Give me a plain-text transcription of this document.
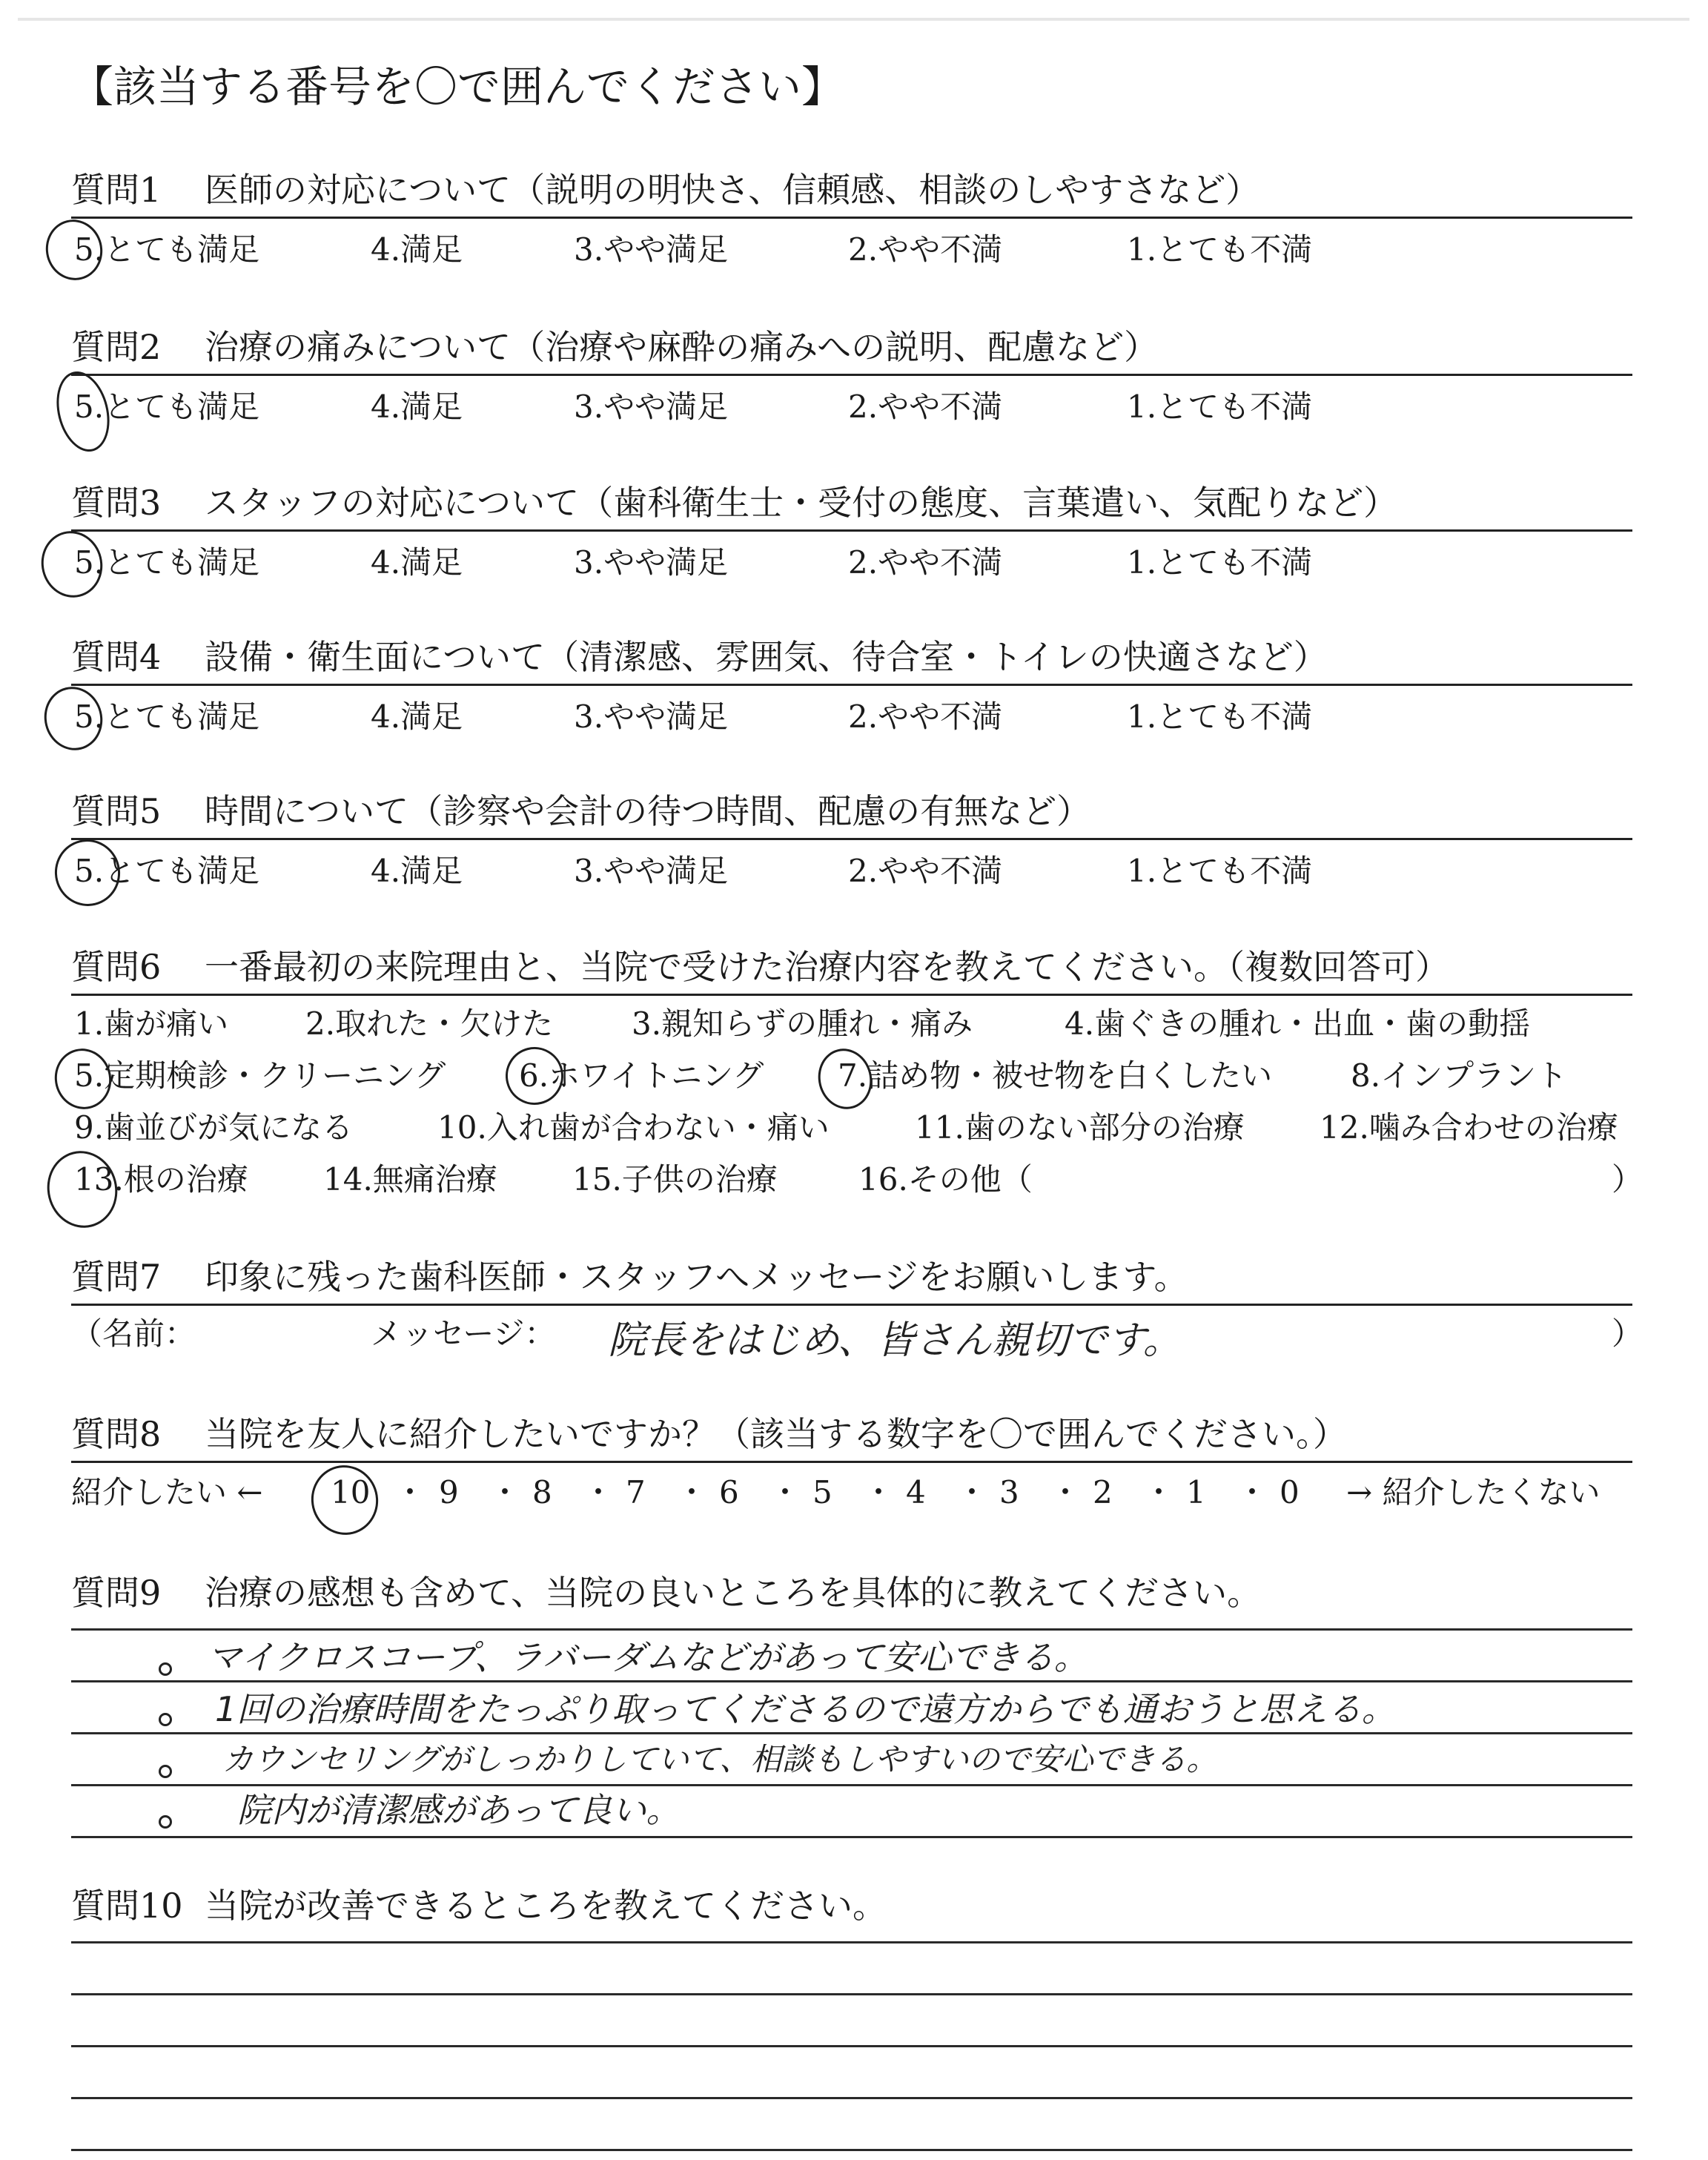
【該当する番号を〇で囲んでください】
質問1 医師の対応について（説明の明快さ、信頼感、相談のしやすさなど）
5.とても満足	4.満足	3.やや満足	2.やや不満	1.とても不満
質問2 治療の痛みについて（治療や麻酔の痛みへの説明、配慮など）
5.とても満足	4.満足	3.やや満足	2.やや不満	1.とても不満
質問3 スタッフの対応について（歯科衛生士・受付の態度、言葉遣い、気配りなど）
5.とても満足	4.満足	3.やや満足	2.やや不満	1.とても不満
質問4 設備・衛生面について（清潔感、雰囲気、待合室・トイレの快適さなど）
5.とても満足	4.満足	3.やや満足	2.やや不満	1.とても不満
質問5 時間について（診察や会計の待つ時間、配慮の有無など）
5.とても満足	4.満足	3.やや満足	2.やや不満	1.とても不満
質問6 一番最初の来院理由と、当院で受けた治療内容を教えてください。（複数回答可）
1.歯が痛い 2.取れた・欠けた	3.親知らずの腫れ・痛み	4.歯ぐきの腫れ・出血・歯の動揺
5.定期検診・クリーニング 6.ホワイトニング 7.詰め物・被せ物を白くしたい	8.インプラント
9.歯並びが気になる	10.入れ歯が合わない・痛い	11.歯のない部分の治療 12.噛み合わせの治療
13.根の治療 14.無痛治療 15.子供の治療	16.その他（	）
質問7 印象に残った歯科医師・スタッフへメッセージをお願いします。
（名前：	メッセージ：	）
院長をはじめ、皆さん親切です。
質問8 当院を友人に紹介したいですか？（該当する数字を〇で囲んでください。）
紹介したい ← 10 ・ 9 ・ 8 ・ 7 ・ 6 ・ 5 ・ 4 ・ 3 ・ 2 ・ 1 ・ 0 → 紹介したくない
質問9 治療の感想も含めて、当院の良いところを具体的に教えてください。
マイクロスコープ、ラバーダムなどがあって安心できる。
1回の治療時間をたっぷり取ってくださるので遠方からでも通おうと思える。
カウンセリングがしっかりしていて、相談もしやすいので安心できる。
院内が清潔感があって良い。
質問10 当院が改善できるところを教えてください。
